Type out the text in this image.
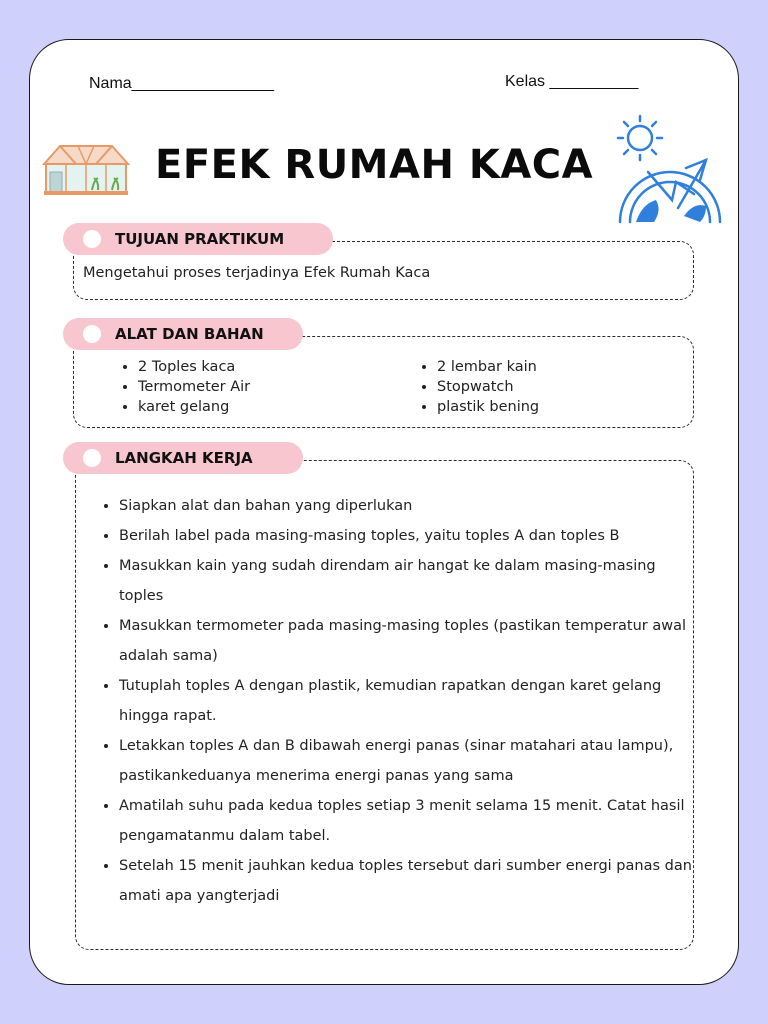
Nama________________	Kelas __________
EFEK RUMAH KACA
TUJUAN PRAKTIKUM
Mengetahui proses terjadinya Efek Rumah Kaca
ALAT DAN BAHAN
• 2 Toples kaca
• Termometer Air
• karet gelang
• 2 lembar kain
• Stopwatch
• plastik bening
LANGKAH KERJA
• Siapkan alat dan bahan yang diperlukan
• Berilah label pada masing-masing toples, yaitu toples A dan toples B
• Masukkan kain yang sudah direndam air hangat ke dalam masing-masing toples
• Masukkan termometer pada masing-masing toples (pastikan temperatur awal adalah sama)
• Tutuplah toples A dengan plastik, kemudian rapatkan dengan karet gelang hingga rapat.
• Letakkan toples A dan B dibawah energi panas (sinar matahari atau lampu), pastikankeduanya menerima energi panas yang sama
• Amatilah suhu pada kedua toples setiap 3 menit selama 15 menit. Catat hasil pengamatanmu dalam tabel.
• Setelah 15 menit jauhkan kedua toples tersebut dari sumber energi panas dan amati apa yangterjadi
